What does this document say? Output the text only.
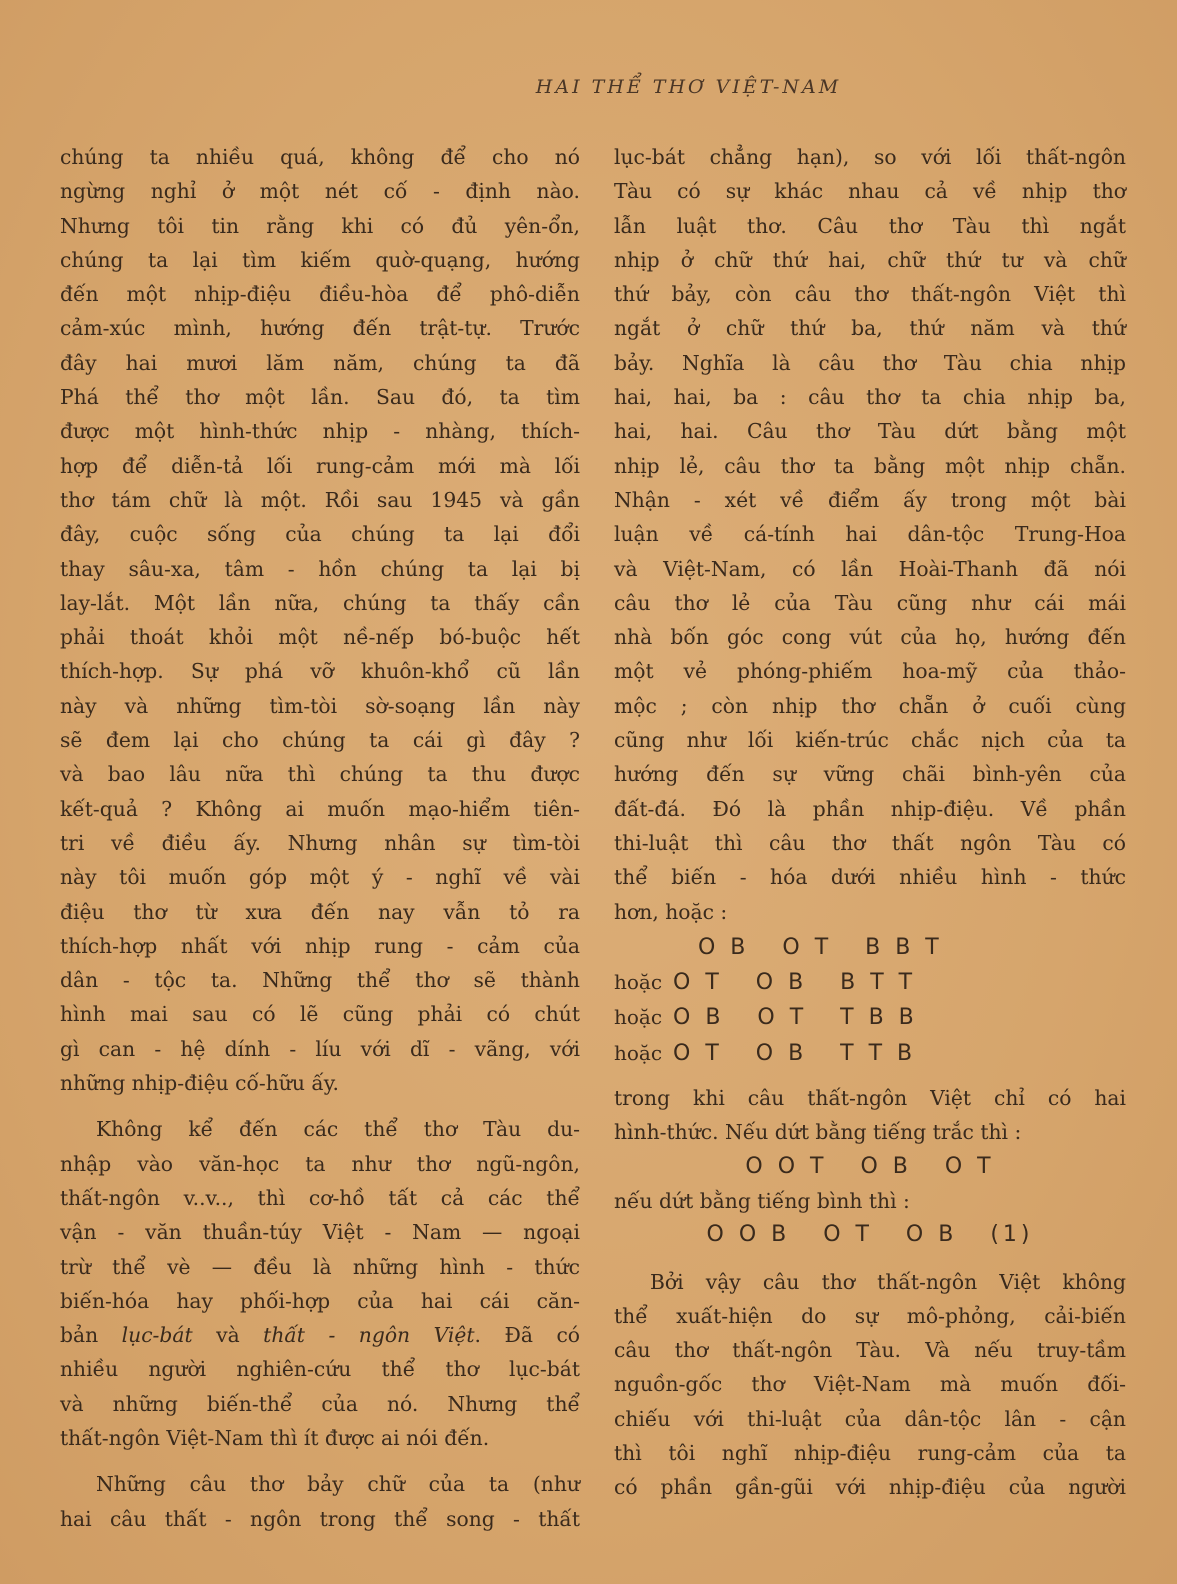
HAI THỂ THƠ VIỆT-NAM
chúng ta nhiều quá, không để cho nó
ngừng nghỉ ở một nét cố - định nào.
Nhưng tôi tin rằng khi có đủ yên-ổn,
chúng ta lại tìm kiếm quờ-quạng, hướng
đến một nhịp-điệu điều-hòa để phô-diễn
cảm-xúc mình, hướng đến trật-tự. Trước
đây hai mươi lăm năm, chúng ta đã
Phá thể thơ một lần. Sau đó, ta tìm
được một hình-thức nhịp - nhàng, thích-
hợp để diễn-tả lối rung-cảm mới mà lối
thơ tám chữ là một. Rồi sau 1945 và gần
đây, cuộc sống của chúng ta lại đổi
thay sâu-xa, tâm - hồn chúng ta lại bị
lay-lắt. Một lần nữa, chúng ta thấy cần
phải thoát khỏi một nề-nếp bó-buộc hết
thích-hợp. Sự phá vỡ khuôn-khổ cũ lần
này và những tìm-tòi sờ-soạng lần này
sẽ đem lại cho chúng ta cái gì đây ?
và bao lâu nữa thì chúng ta thu được
kết-quả ? Không ai muốn mạo-hiểm tiên-
tri về điều ấy. Nhưng nhân sự tìm-tòi
này tôi muốn góp một ý - nghĩ về vài
điệu thơ từ xưa đến nay vẫn tỏ ra
thích-hợp nhất với nhịp rung - cảm của
dân - tộc ta. Những thể thơ sẽ thành
hình mai sau có lẽ cũng phải có chút
gì can - hệ dính - líu với dĩ - vãng, với
những nhịp-điệu cố-hữu ấy.
Không kể đến các thể thơ Tàu du-
nhập vào văn-học ta như thơ ngũ-ngôn,
thất-ngôn v..v.., thì cơ-hồ tất cả các thể
vận - văn thuần-túy Việt - Nam — ngoại
trừ thể vè — đều là những hình - thức
biến-hóa hay phối-hợp của hai cái căn-
bản lục-bát và thất - ngôn Việt. Đã có
nhiều người nghiên-cứu thể thơ lục-bát
và những biến-thể của nó. Nhưng thể
thất-ngôn Việt-Nam thì ít được ai nói đến.
Những câu thơ bảy chữ của ta (như
hai câu thất - ngôn trong thể song - thất
lục-bát chẳng hạn), so với lối thất-ngôn
Tàu có sự khác nhau cả về nhịp thơ
lẫn luật thơ. Câu thơ Tàu thì ngắt
nhịp ở chữ thứ hai, chữ thứ tư và chữ
thứ bảy, còn câu thơ thất-ngôn Việt thì
ngắt ở chữ thứ ba, thứ năm và thứ
bảy. Nghĩa là câu thơ Tàu chia nhịp
hai, hai, ba : câu thơ ta chia nhịp ba,
hai, hai. Câu thơ Tàu dứt bằng một
nhịp lẻ, câu thơ ta bằng một nhịp chẵn.
Nhận - xét về điểm ấy trong một bài
luận về cá-tính hai dân-tộc Trung-Hoa
và Việt-Nam, có lần Hoài-Thanh đã nói
câu thơ lẻ của Tàu cũng như cái mái
nhà bốn góc cong vút của họ, hướng đến
một vẻ phóng-phiếm hoa-mỹ của thảo-
mộc ; còn nhịp thơ chẵn ở cuối cùng
cũng như lối kiến-trúc chắc nịch của ta
hướng đến sự vững chãi bình-yên của
đất-đá. Đó là phần nhịp-điệu. Về phần
thi-luật thì câu thơ thất ngôn Tàu có
thể biến - hóa dưới nhiều hình - thức
hơn, hoặc :
O B   O T   B B T
hoặc O T   O B   B T T
hoặc O B   O T   T B B
hoặc O T   O B   T T B
trong khi câu thất-ngôn Việt chỉ có hai
hình-thức. Nếu dứt bằng tiếng trắc thì :
O O T   O B   O T
nếu dứt bằng tiếng bình thì :
O O B   O T   O B   (1)
Bởi vậy câu thơ thất-ngôn Việt không
thể xuất-hiện do sự mô-phỏng, cải-biến
câu thơ thất-ngôn Tàu. Và nếu truy-tầm
nguồn-gốc thơ Việt-Nam mà muốn đối-
chiếu với thi-luật của dân-tộc lân - cận
thì tôi nghĩ nhịp-điệu rung-cảm của ta
có phần gần-gũi với nhịp-điệu của người
